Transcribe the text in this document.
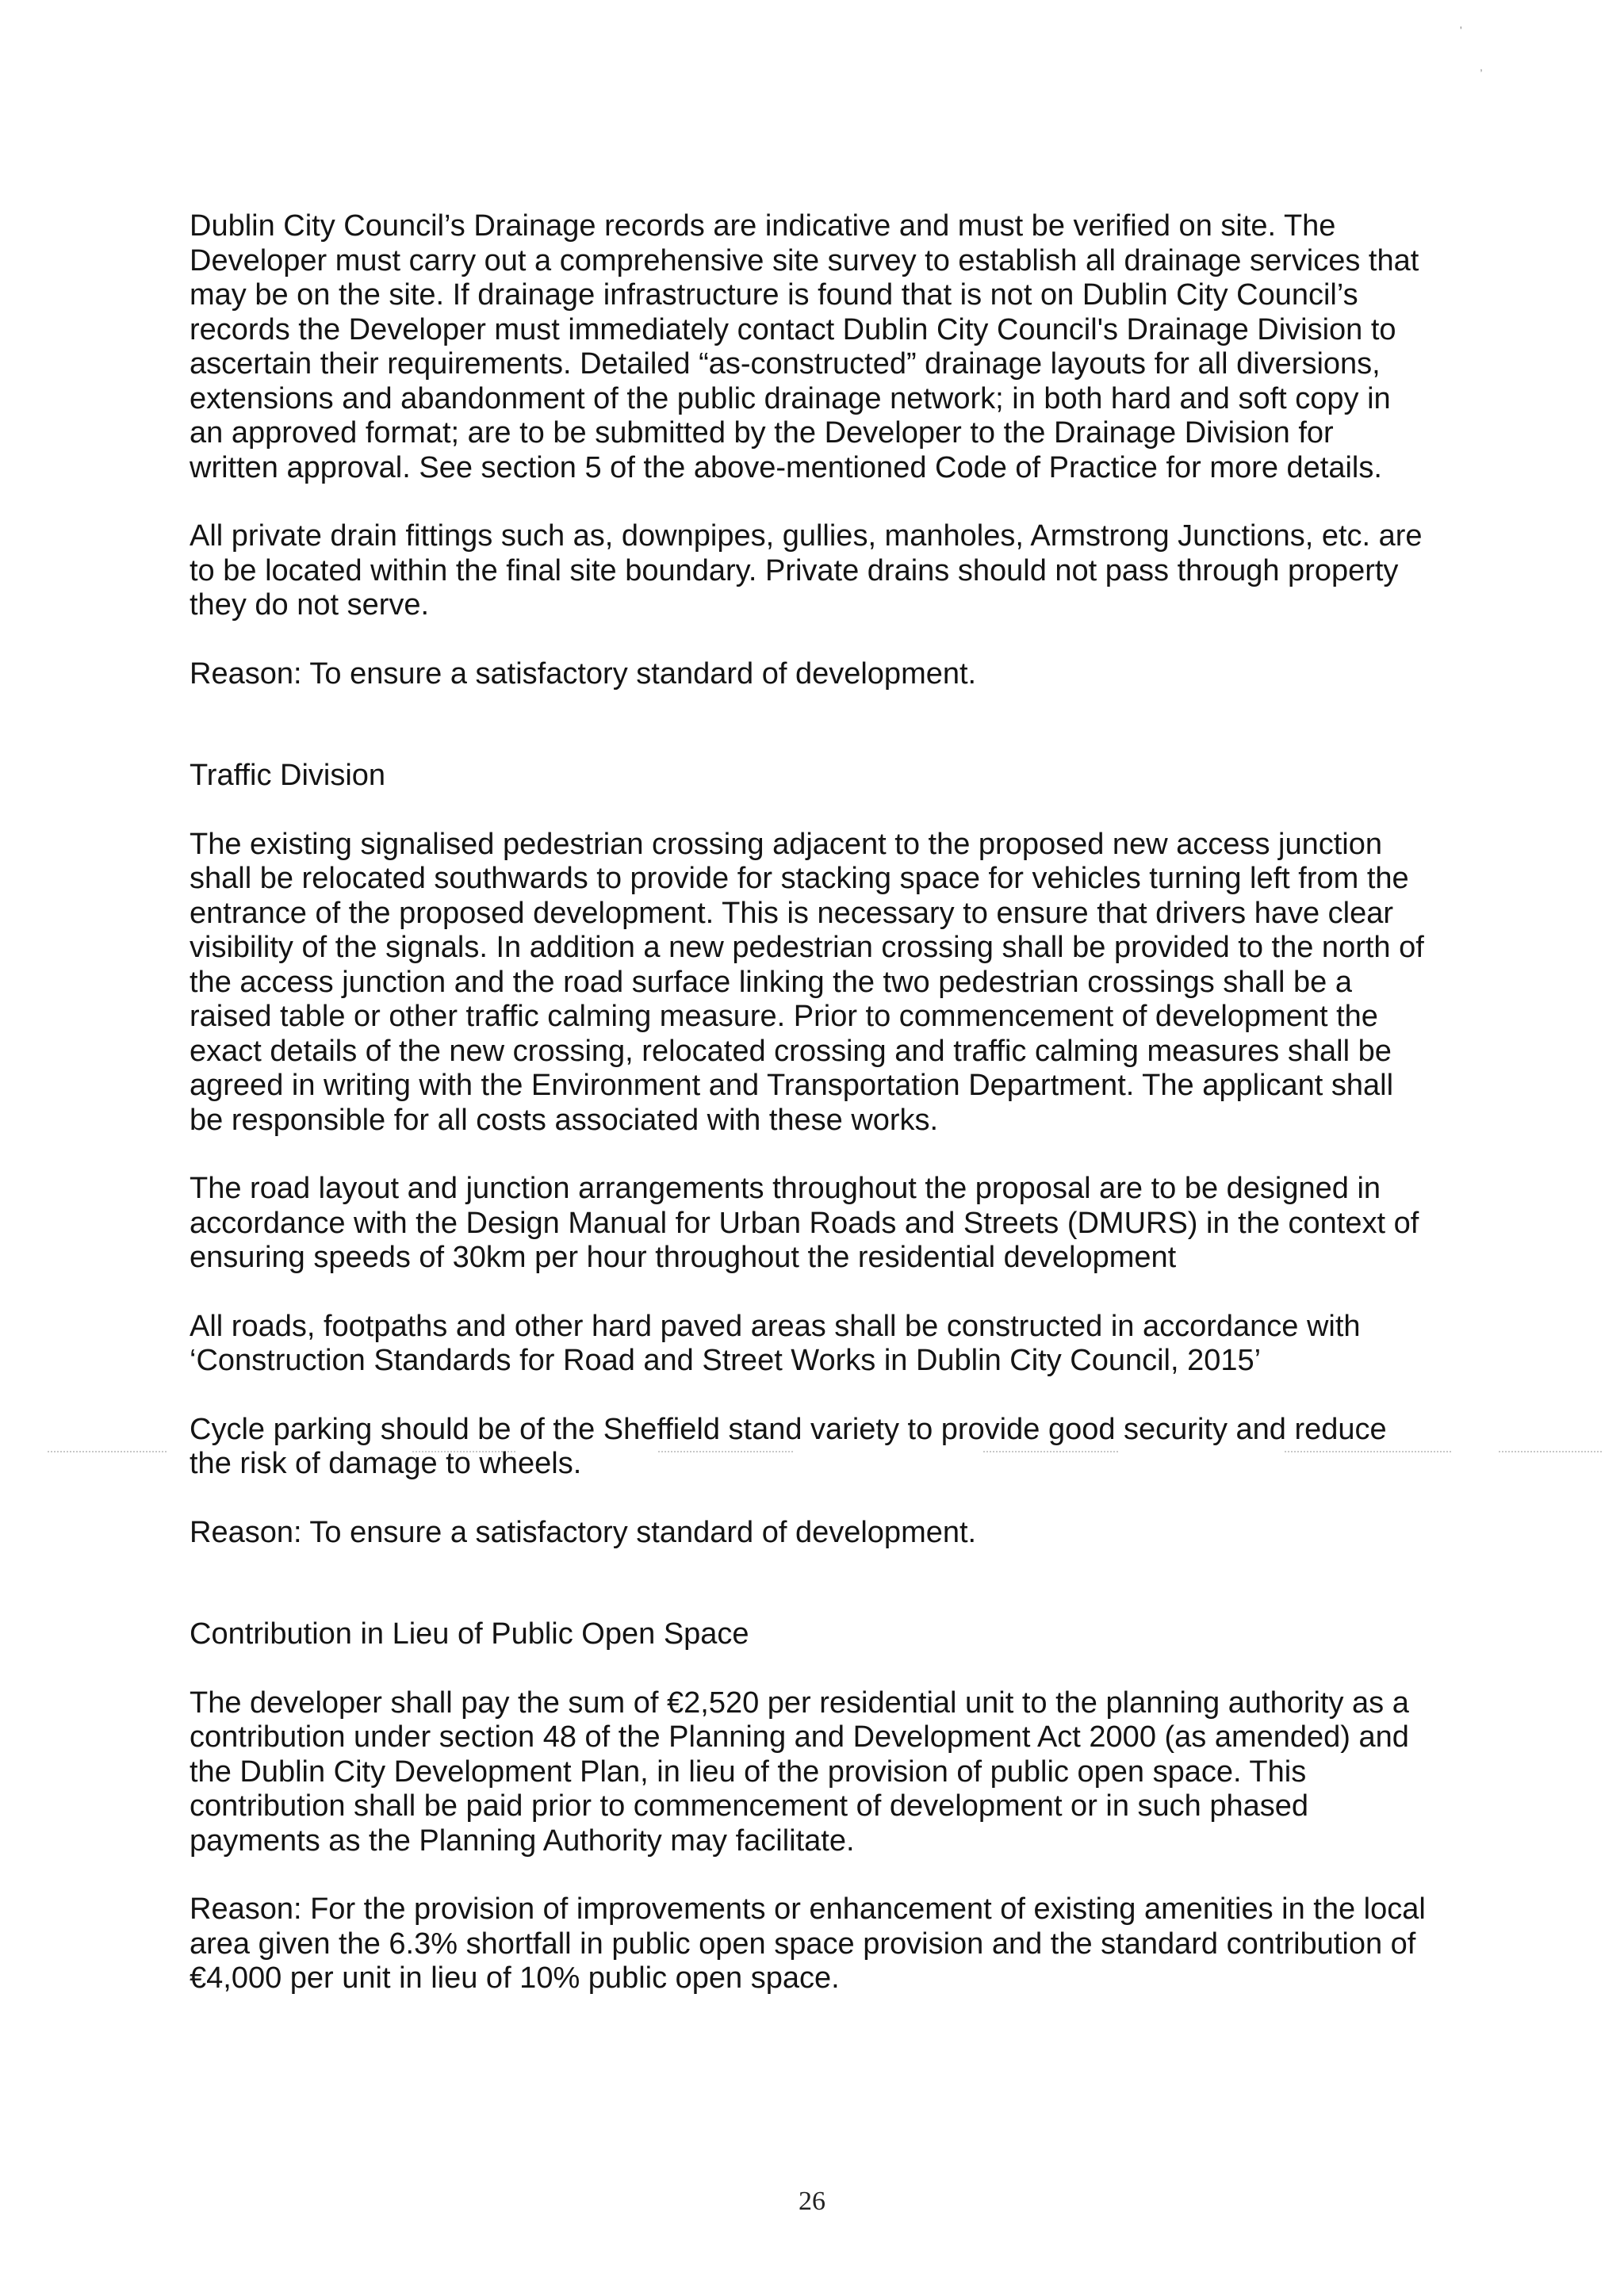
'
,

Dublin City Council’s Drainage records are indicative and must be verified on site. The Developer must carry out a comprehensive site survey to establish all drainage services that may be on the site. If drainage infrastructure is found that is not on Dublin City Council’s records the Developer must immediately contact Dublin City Council's Drainage Division to ascertain their requirements. Detailed “as-constructed” drainage layouts for all diversions, extensions and abandonment of the public drainage network; in both hard and soft copy in an approved format; are to be submitted by the Developer to the Drainage Division for written approval. See section 5 of the above-mentioned Code of Practice for more details.

All private drain fittings such as, downpipes, gullies, manholes, Armstrong Junctions, etc. are to be located within the final site boundary. Private drains should not pass through property they do not serve.

Reason: To ensure a satisfactory standard of development.

Traffic Division

The existing signalised pedestrian crossing adjacent to the proposed new access junction shall be relocated southwards to provide for stacking space for vehicles turning left from the entrance of the proposed development. This is necessary to ensure that drivers have clear visibility of the signals. In addition a new pedestrian crossing shall be provided to the north of the access junction and the road surface linking the two pedestrian crossings shall be a raised table or other traffic calming measure. Prior to commencement of development the exact details of the new crossing, relocated crossing and traffic calming measures shall be agreed in writing with the Environment and Transportation Department. The applicant shall be responsible for all costs associated with these works.

The road layout and junction arrangements throughout the proposal are to be designed in accordance with the Design Manual for Urban Roads and Streets (DMURS) in the context of ensuring speeds of 30km per hour throughout the residential development

All roads, footpaths and other hard paved areas shall be constructed in accordance with ‘Construction Standards for Road and Street Works in Dublin City Council, 2015’

Cycle parking should be of the Sheffield stand variety to provide good security and reduce the risk of damage to wheels.

Reason: To ensure a satisfactory standard of development.

Contribution in Lieu of Public Open Space

The developer shall pay the sum of €2,520 per residential unit to the planning authority as a contribution under section 48 of the Planning and Development Act 2000 (as amended) and the Dublin City Development Plan, in lieu of the provision of public open space. This contribution shall be paid prior to commencement of development or in such phased payments as the Planning Authority may facilitate.

Reason: For the provision of improvements or enhancement of existing amenities in the local area given the 6.3% shortfall in public open space provision and the standard contribution of €4,000 per unit in lieu of 10% public open space.

26
